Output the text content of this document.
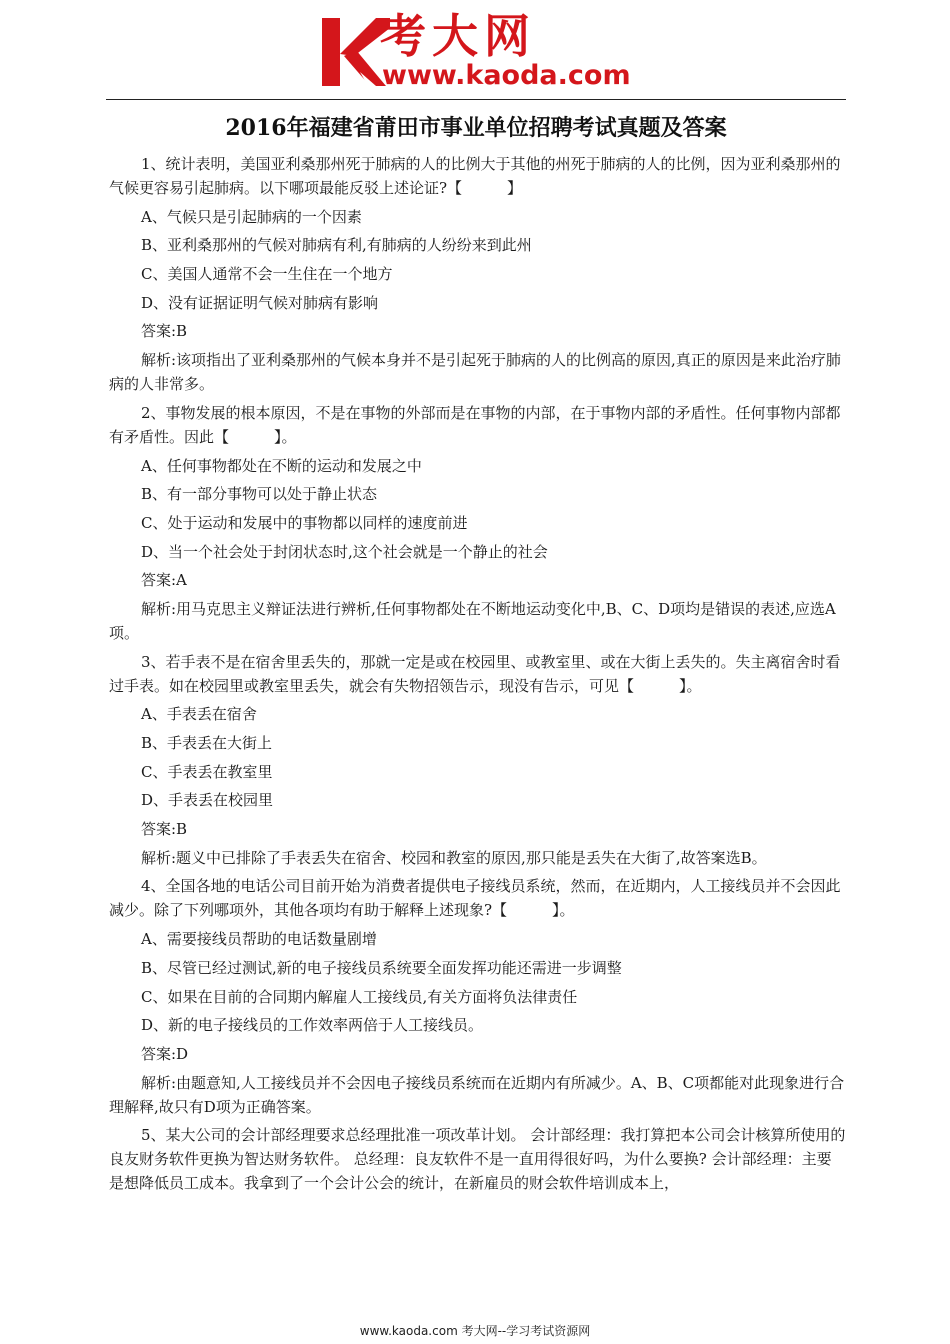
考大网
www.kaoda.com
2016年福建省莆田市事业单位招聘考试真题及答案

1、统计表明，美国亚利桑那州死于肺病的人的比例大于其他的州死于肺病的人的比例，因为亚利桑那州的气候更容易引起肺病。以下哪项最能反驳上述论证?【　　　】

A、气候只是引起肺病的一个因素

B、亚利桑那州的气候对肺病有利,有肺病的人纷纷来到此州

C、美国人通常不会一生住在一个地方

D、没有证据证明气候对肺病有影响

答案:B

解析:该项指出了亚利桑那州的气候本身并不是引起死于肺病的人的比例高的原因,真正的原因是来此治疗肺病的人非常多。

2、事物发展的根本原因，不是在事物的外部而是在事物的内部，在于事物内部的矛盾性。任何事物内部都有矛盾性。因此【　　　】。

A、任何事物都处在不断的运动和发展之中

B、有一部分事物可以处于静止状态

C、处于运动和发展中的事物都以同样的速度前进

D、当一个社会处于封闭状态时,这个社会就是一个静止的社会

答案:A

解析:用马克思主义辩证法进行辨析,任何事物都处在不断地运动变化中,B、C、D项均是错误的表述,应选A项。

3、若手表不是在宿舍里丢失的，那就一定是或在校园里、或教室里、或在大街上丢失的。失主离宿舍时看过手表。如在校园里或教室里丢失，就会有失物招领告示，现没有告示，可见【　　　】。

A、手表丢在宿舍

B、手表丢在大街上

C、手表丢在教室里

D、手表丢在校园里

答案:B

解析:题义中已排除了手表丢失在宿舍、校园和教室的原因,那只能是丢失在大街了,故答案选B。

4、全国各地的电话公司目前开始为消费者提供电子接线员系统，然而，在近期内，人工接线员并不会因此减少。除了下列哪项外，其他各项均有助于解释上述现象?【　　　】。

A、需要接线员帮助的电话数量剧增

B、尽管已经过测试,新的电子接线员系统要全面发挥功能还需进一步调整

C、如果在目前的合同期内解雇人工接线员,有关方面将负法律责任

D、新的电子接线员的工作效率两倍于人工接线员。

答案:D

解析:由题意知,人工接线员并不会因电子接线员系统而在近期内有所减少。A、B、C项都能对此现象进行合理解释,故只有D项为正确答案。

5、某大公司的会计部经理要求总经理批准一项改革计划。 会计部经理：我打算把本公司会计核算所使用的良友财务软件更换为智达财务软件。 总经理：良友软件不是一直用得很好吗，为什么要换? 会计部经理：主要是想降低员工成本。我拿到了一个会计公会的统计，在新雇员的财会软件培训成本上，

www.kaoda.com 考大网--学习考试资源网
